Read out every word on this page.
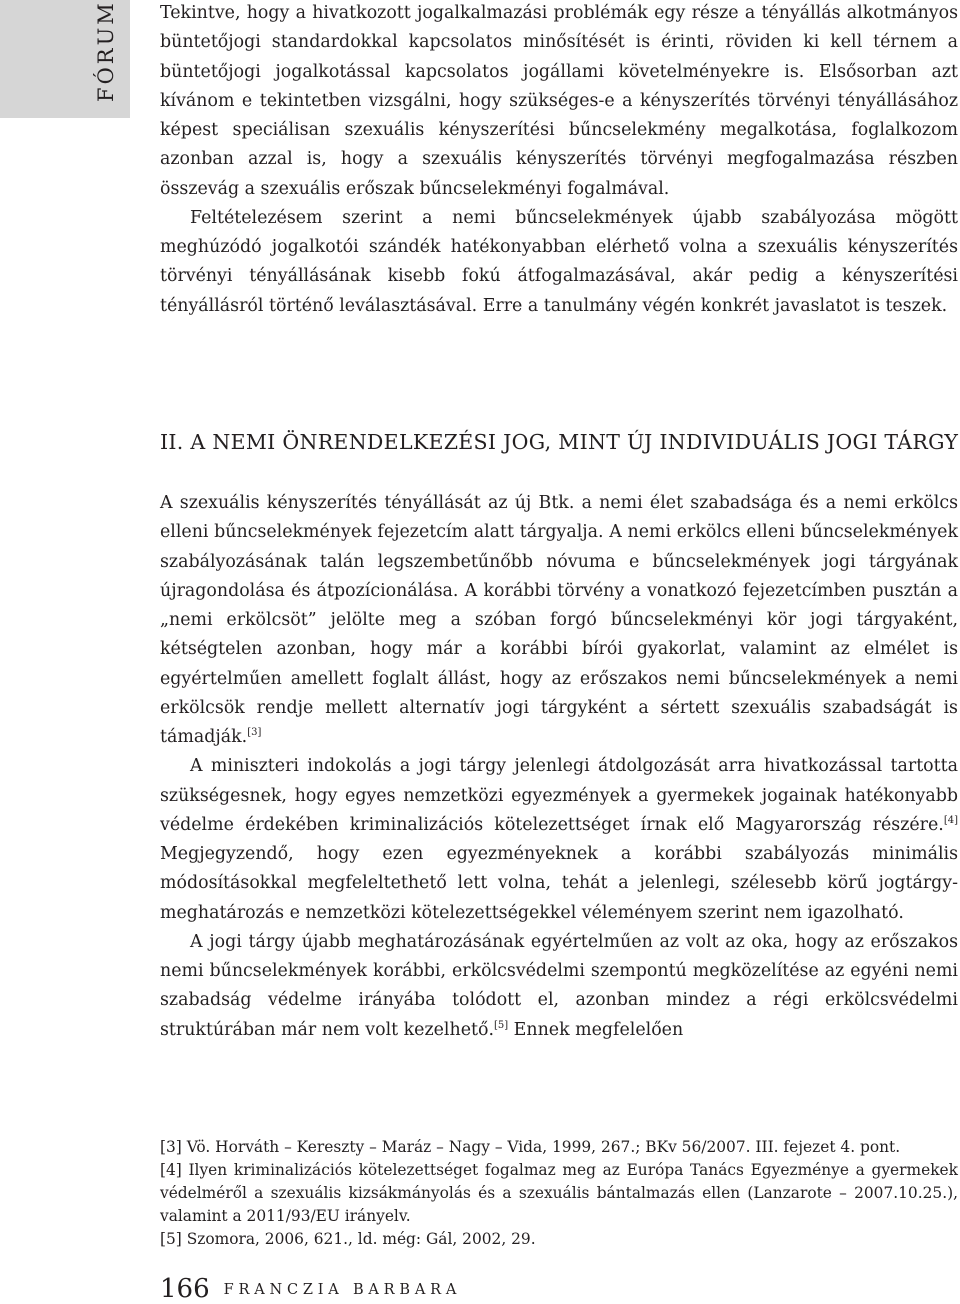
FÓRUM Tekintve, hogy a hivatkozott jogalkalmazási problémák egy része a tényállás alkotmányos büntetőjogi standardokkal kapcsolatos minősítését is érinti, röviden ki kell térnem a büntetőjogi jogalkotással kapcsolatos jogállami követelményekre is. Elsősorban azt kívánom e tekintetben vizsgálni, hogy szükséges-e a kényszerítés törvényi tényállásához képest speciálisan szexuális kényszerítési bűncselekmény megalkotása, foglalkozom azonban azzal is, hogy a szexuális kényszerítés törvényi megfogalmazása részben összevág a szexuális erőszak bűncselekményi fogalmával.

Feltételezésem szerint a nemi bűncselekmények újabb szabályozása mögött meghúzódó jogalkotói szándék hatékonyabban elérhető volna a szexuális kényszerítés törvényi tényállásának kisebb fokú átfogalmazásával, akár pedig a kényszerítési tényállásról történő leválasztásával. Erre a tanulmány végén konkrét javaslatot is teszek.

II. A NEMI ÖNRENDELKEZÉSI JOG, MINT ÚJ INDIVIDUÁLIS JOGI TÁRGY

A szexuális kényszerítés tényállását az új Btk. a nemi élet szabadsága és a nemi erkölcs elleni bűncselekmények fejezetcím alatt tárgyalja. A nemi erkölcs elleni bűncselekmények szabályozásának talán legszembetűnőbb nóvuma e bűncselekmények jogi tárgyának újragondolása és átpozícionálása. A korábbi törvény a vonatkozó fejezetcímben pusztán a „nemi erkölcsöt” jelölte meg a szóban forgó bűncselekményi kör jogi tárgyaként, kétségtelen azonban, hogy már a korábbi bírói gyakorlat, valamint az elmélet is egyértelműen amellett foglalt állást, hogy az erőszakos nemi bűncselekmények a nemi erkölcsök rendje mellett alternatív jogi tárgyként a sértett szexuális szabadságát is támadják.[3]

A miniszteri indokolás a jogi tárgy jelenlegi átdolgozását arra hivatkozással tartotta szükségesnek, hogy egyes nemzetközi egyezmények a gyermekek jogainak hatékonyabb védelme érdekében kriminalizációs kötelezettséget írnak elő Magyarország részére.[4] Megjegyzendő, hogy ezen egyezményeknek a korábbi szabályozás minimális módosításokkal megfeleltethető lett volna, tehát a jelenlegi, szélesebb körű jogtárgy-meghatározás e nemzetközi kötelezettségekkel véleményem szerint nem igazolható.

A jogi tárgy újabb meghatározásának egyértelműen az volt az oka, hogy az erőszakos nemi bűncselekmények korábbi, erkölcsvédelmi szempontú megközelítése az egyéni nemi szabadság védelme irányába tolódott el, azonban mindez a régi erkölcsvédelmi struktúrában már nem volt kezelhető.[5] Ennek megfelelően

[3] Vö. Horváth – Kereszty – Maráz – Nagy – Vida, 1999, 267.; BKv 56/2007. III. fejezet 4. pont.

[4] Ilyen kriminalizációs kötelezettséget fogalmaz meg az Európa Tanács Egyezménye a gyermekek védelméről a szexuális kizsákmányolás és a szexuális bántalmazás ellen (Lanzarote – 2007.10.25.), valamint a 2011/93/EU irányelv.

[5] Szomora, 2006, 621., ld. még: Gál, 2002, 29.

166 FRANCZIA BARBARA
